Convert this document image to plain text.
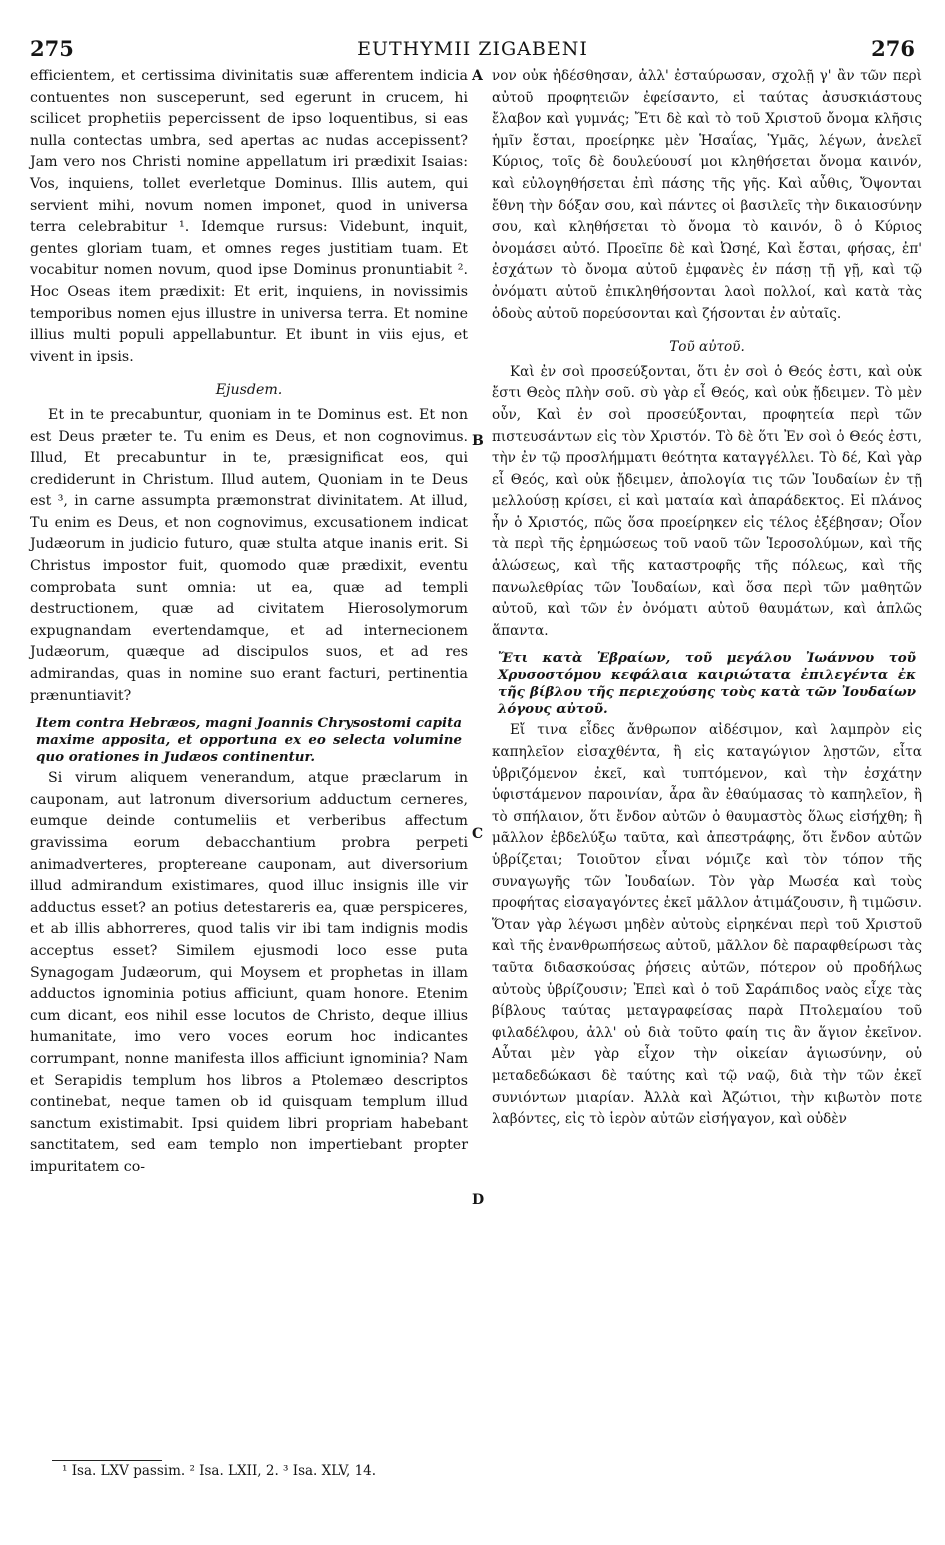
275	EUTHYMII ZIGABENI	276

efficientem, et certissima divinitatis suæ afferentem indicia contuentes non susceperunt, sed egerunt in crucem, hi scilicet prophetiis pepercissent de ipso loquentibus, si eas nulla contectas umbra, sed apertas ac nudas accepissent? Jam vero nos Christi nomine appellatum iri prædixit Isaias: Vos, inquiens, tollet everletque Dominus. Illis autem, qui servient mihi, novum nomen imponet, quod in universa terra celebrabitur ¹. Idemque rursus: Videbunt, inquit, gentes gloriam tuam, et omnes reges justitiam tuam. Et vocabitur nomen novum, quod ipse Dominus pronuntiabit ². Hoc Oseas item prædixit: Et erit, inquiens, in novissimis temporibus nomen ejus illustre in universa terra. Et nomine illius multi populi appellabuntur. Et ibunt in viis ejus, et vivent in ipsis.

Ejusdem.

Et in te precabuntur, quoniam in te Dominus est. Et non est Deus præter te. Tu enim es Deus, et non cognovimus. Illud, Et precabuntur in te, præsignificat eos, qui crediderunt in Christum. Illud autem, Quoniam in te Deus est ³, in carne assumpta præmonstrat divinitatem. At illud, Tu enim es Deus, et non cognovimus, excusationem indicat Judæorum in judicio futuro, quæ stulta atque inanis erit. Si Christus impostor fuit, quomodo quæ prædixit, eventu comprobata sunt omnia: ut ea, quæ ad templi destructionem, quæ ad civitatem Hierosolymorum expugnandam evertendamque, et ad internecionem Judæorum, quæque ad discipulos suos, et ad res admirandas, quas in nomine suo erant facturi, pertinentia prænuntiavit?

Item contra Hebræos, magni Joannis Chrysostomi capita maxime apposita, et opportuna ex eo selecta volumine quo orationes in Judæos continentur.

Si virum aliquem venerandum, atque præclarum in cauponam, aut latronum diversorium adductum cerneres, eumque deinde contumeliis et verberibus affectum gravissima eorum debacchantium probra perpeti animadverteres, propterеane cauponam, aut diversorium illud admirandum existimares, quod illuc insignis ille vir adductus esset? an potius detestareris ea, quæ perspiceres, et ab illis abhorreres, quod talis vir ibi tam indignis modis acceptus esset? Similem ejusmodi loco esse puta Synagogam Judæorum, qui Moysem et prophetas in illam adductos ignominia potius afficiunt, quam honore. Etenim cum dicant, eos nihil esse locutos de Christo, deque illius humanitate, imo vero voces eorum hoc indicantes corrumpant, nonne manifesta illos afficiunt ignominia? Nam et Serapidis templum hos libros a Ptolemæo descriptos continebat, neque tamen ob id quisquam templum illud sanctum existimabit. Ipsi quidem libri propriam habebant sanctitatem, sed eam templo non impertiebant propter impuritatem co-

νον οὐκ ἠδέσθησαν, ἀλλ' ἐσταύρωσαν, σχολῇ γ' ἂν τῶν περὶ αὐτοῦ προφητειῶν ἐφείσαντο, εἰ ταύτας ἀσυσκιάστους ἔλαβον καὶ γυμνάς; Ἔτι δὲ καὶ τὸ τοῦ Χριστοῦ ὄνομα κλῆσις ἡμῖν ἔσται, προείρηκε μὲν Ἡσαΐας, Ὑμᾶς, λέγων, ἀνελεῖ Κύριος, τοῖς δὲ δουλεύουσί μοι κληθήσεται ὄνομα καινόν, καὶ εὐλογηθήσεται ἐπὶ πάσης τῆς γῆς. Καὶ αὖθις, Ὄψονται ἔθνη τὴν δόξαν σου, καὶ πάντες οἱ βασιλεῖς τὴν δικαιοσύνην σου, καὶ κληθήσεται τὸ ὄνομα τὸ καινόν, ὃ ὁ Κύριος ὀνομάσει αὐτό. Προεῖπε δὲ καὶ Ὠσηέ, Καὶ ἔσται, φήσας, ἐπ' ἐσχάτων τὸ ὄνομα αὐτοῦ ἐμφανὲς ἐν πάσῃ τῇ γῇ, καὶ τῷ ὀνόματι αὐτοῦ ἐπικληθήσονται λαοὶ πολλοί, καὶ κατὰ τὰς ὁδοὺς αὐτοῦ πορεύσονται καὶ ζήσονται ἐν αὐταῖς.

Τοῦ αὐτοῦ.

Καὶ ἐν σοὶ προσεύξονται, ὅτι ἐν σοὶ ὁ Θεός ἐστι, καὶ οὐκ ἔστι Θεὸς πλὴν σοῦ. σὺ γὰρ εἶ Θεός, καὶ οὐκ ᾔδειμεν. Τὸ μὲν οὖν, Καὶ ἐν σοὶ προσεύξονται, προφητεία περὶ τῶν πιστευσάντων εἰς τὸν Χριστόν. Τὸ δὲ ὅτι Ἐν σοὶ ὁ Θεός ἐστι, τὴν ἐν τῷ προσλήμματι θεότητα καταγγέλλει. Τὸ δέ, Καὶ γὰρ εἶ Θεός, καὶ οὐκ ᾔδειμεν, ἀπολογία τις τῶν Ἰουδαίων ἐν τῇ μελλούσῃ κρίσει, εἰ καὶ ματαία καὶ ἀπαράδεκτος. Εἰ πλάνος ἦν ὁ Χριστός, πῶς ὅσα προείρηκεν εἰς τέλος ἐξέβησαν; Οἷον τὰ περὶ τῆς ἐρημώσεως τοῦ ναοῦ τῶν Ἱεροσολύμων, καὶ τῆς ἁλώσεως, καὶ τῆς καταστροφῆς τῆς πόλεως, καὶ τῆς πανωλεθρίας τῶν Ἰουδαίων, καὶ ὅσα περὶ τῶν μαθητῶν αὐτοῦ, καὶ τῶν ἐν ὀνόματι αὐτοῦ θαυμάτων, καὶ ἁπλῶς ἅπαντα.

Ἔτι κατὰ Ἑβραίων, τοῦ μεγάλου Ἰωάννου τοῦ Χρυσοστόμου κεφάλαια καιριώτατα ἐπιλεγέντα ἐκ τῆς βίβλου τῆς περιεχούσης τοὺς κατὰ τῶν Ἰουδαίων λόγους αὐτοῦ.

Εἴ τινα εἶδες ἄνθρωπον αἰδέσιμον, καὶ λαμπρὸν εἰς καπηλεῖον εἰσαχθέντα, ἢ εἰς καταγώγιον λῃστῶν, εἶτα ὑβριζόμενον ἐκεῖ, καὶ τυπτόμενον, καὶ τὴν ἐσχάτην ὑφιστάμενον παροινίαν, ἆρα ἂν ἐθαύμασας τὸ καπηλεῖον, ἢ τὸ σπήλαιον, ὅτι ἔνδον αὐτῶν ὁ θαυμαστὸς ὅλως εἰσήχθη; ἢ μᾶλλον ἐβδελύξω ταῦτα, καὶ ἀπεστράφης, ὅτι ἔνδον αὐτῶν ὑβρίζεται; Τοιοῦτον εἶναι νόμιζε καὶ τὸν τόπον τῆς συναγωγῆς τῶν Ἰουδαίων. Τὸν γὰρ Μωσέα καὶ τοὺς προφήτας εἰσαγαγόντες ἐκεῖ μᾶλλον ἀτιμάζουσιν, ἢ τιμῶσιν. Ὅταν γὰρ λέγωσι μηδὲν αὐτοὺς εἰρηκέναι περὶ τοῦ Χριστοῦ καὶ τῆς ἐνανθρωπήσεως αὐτοῦ, μᾶλλον δὲ παραφθείρωσι τὰς ταῦτα διδασκούσας ῥήσεις αὐτῶν, πότερον οὐ προδήλως αὐτοὺς ὑβρίζουσιν; Ἐπεὶ καὶ ὁ τοῦ Σαράπιδος ναὸς εἶχε τὰς βίβλους ταύτας μεταγραφείσας παρὰ Πτολεμαίου τοῦ φιλαδέλφου, ἀλλ' οὐ διὰ τοῦτο φαίη τις ἂν ἅγιον ἐκεῖνον. Αὗται μὲν γὰρ εἶχον τὴν οἰκείαν ἁγιωσύνην, οὐ μεταδεδώκασι δὲ ταύτης καὶ τῷ ναῷ, διὰ τὴν τῶν ἐκεῖ συνιόντων μιαρίαν. Ἀλλὰ καὶ Ἀζώτιοι, τὴν κιβωτὸν ποτε λαβόντες, εἰς τὸ ἱερὸν αὐτῶν εἰσήγαγον, καὶ οὐδὲν

A
B
C
D
¹ Isa. LXV passim. ² Isa. LXII, 2. ³ Isa. XLV, 14.
